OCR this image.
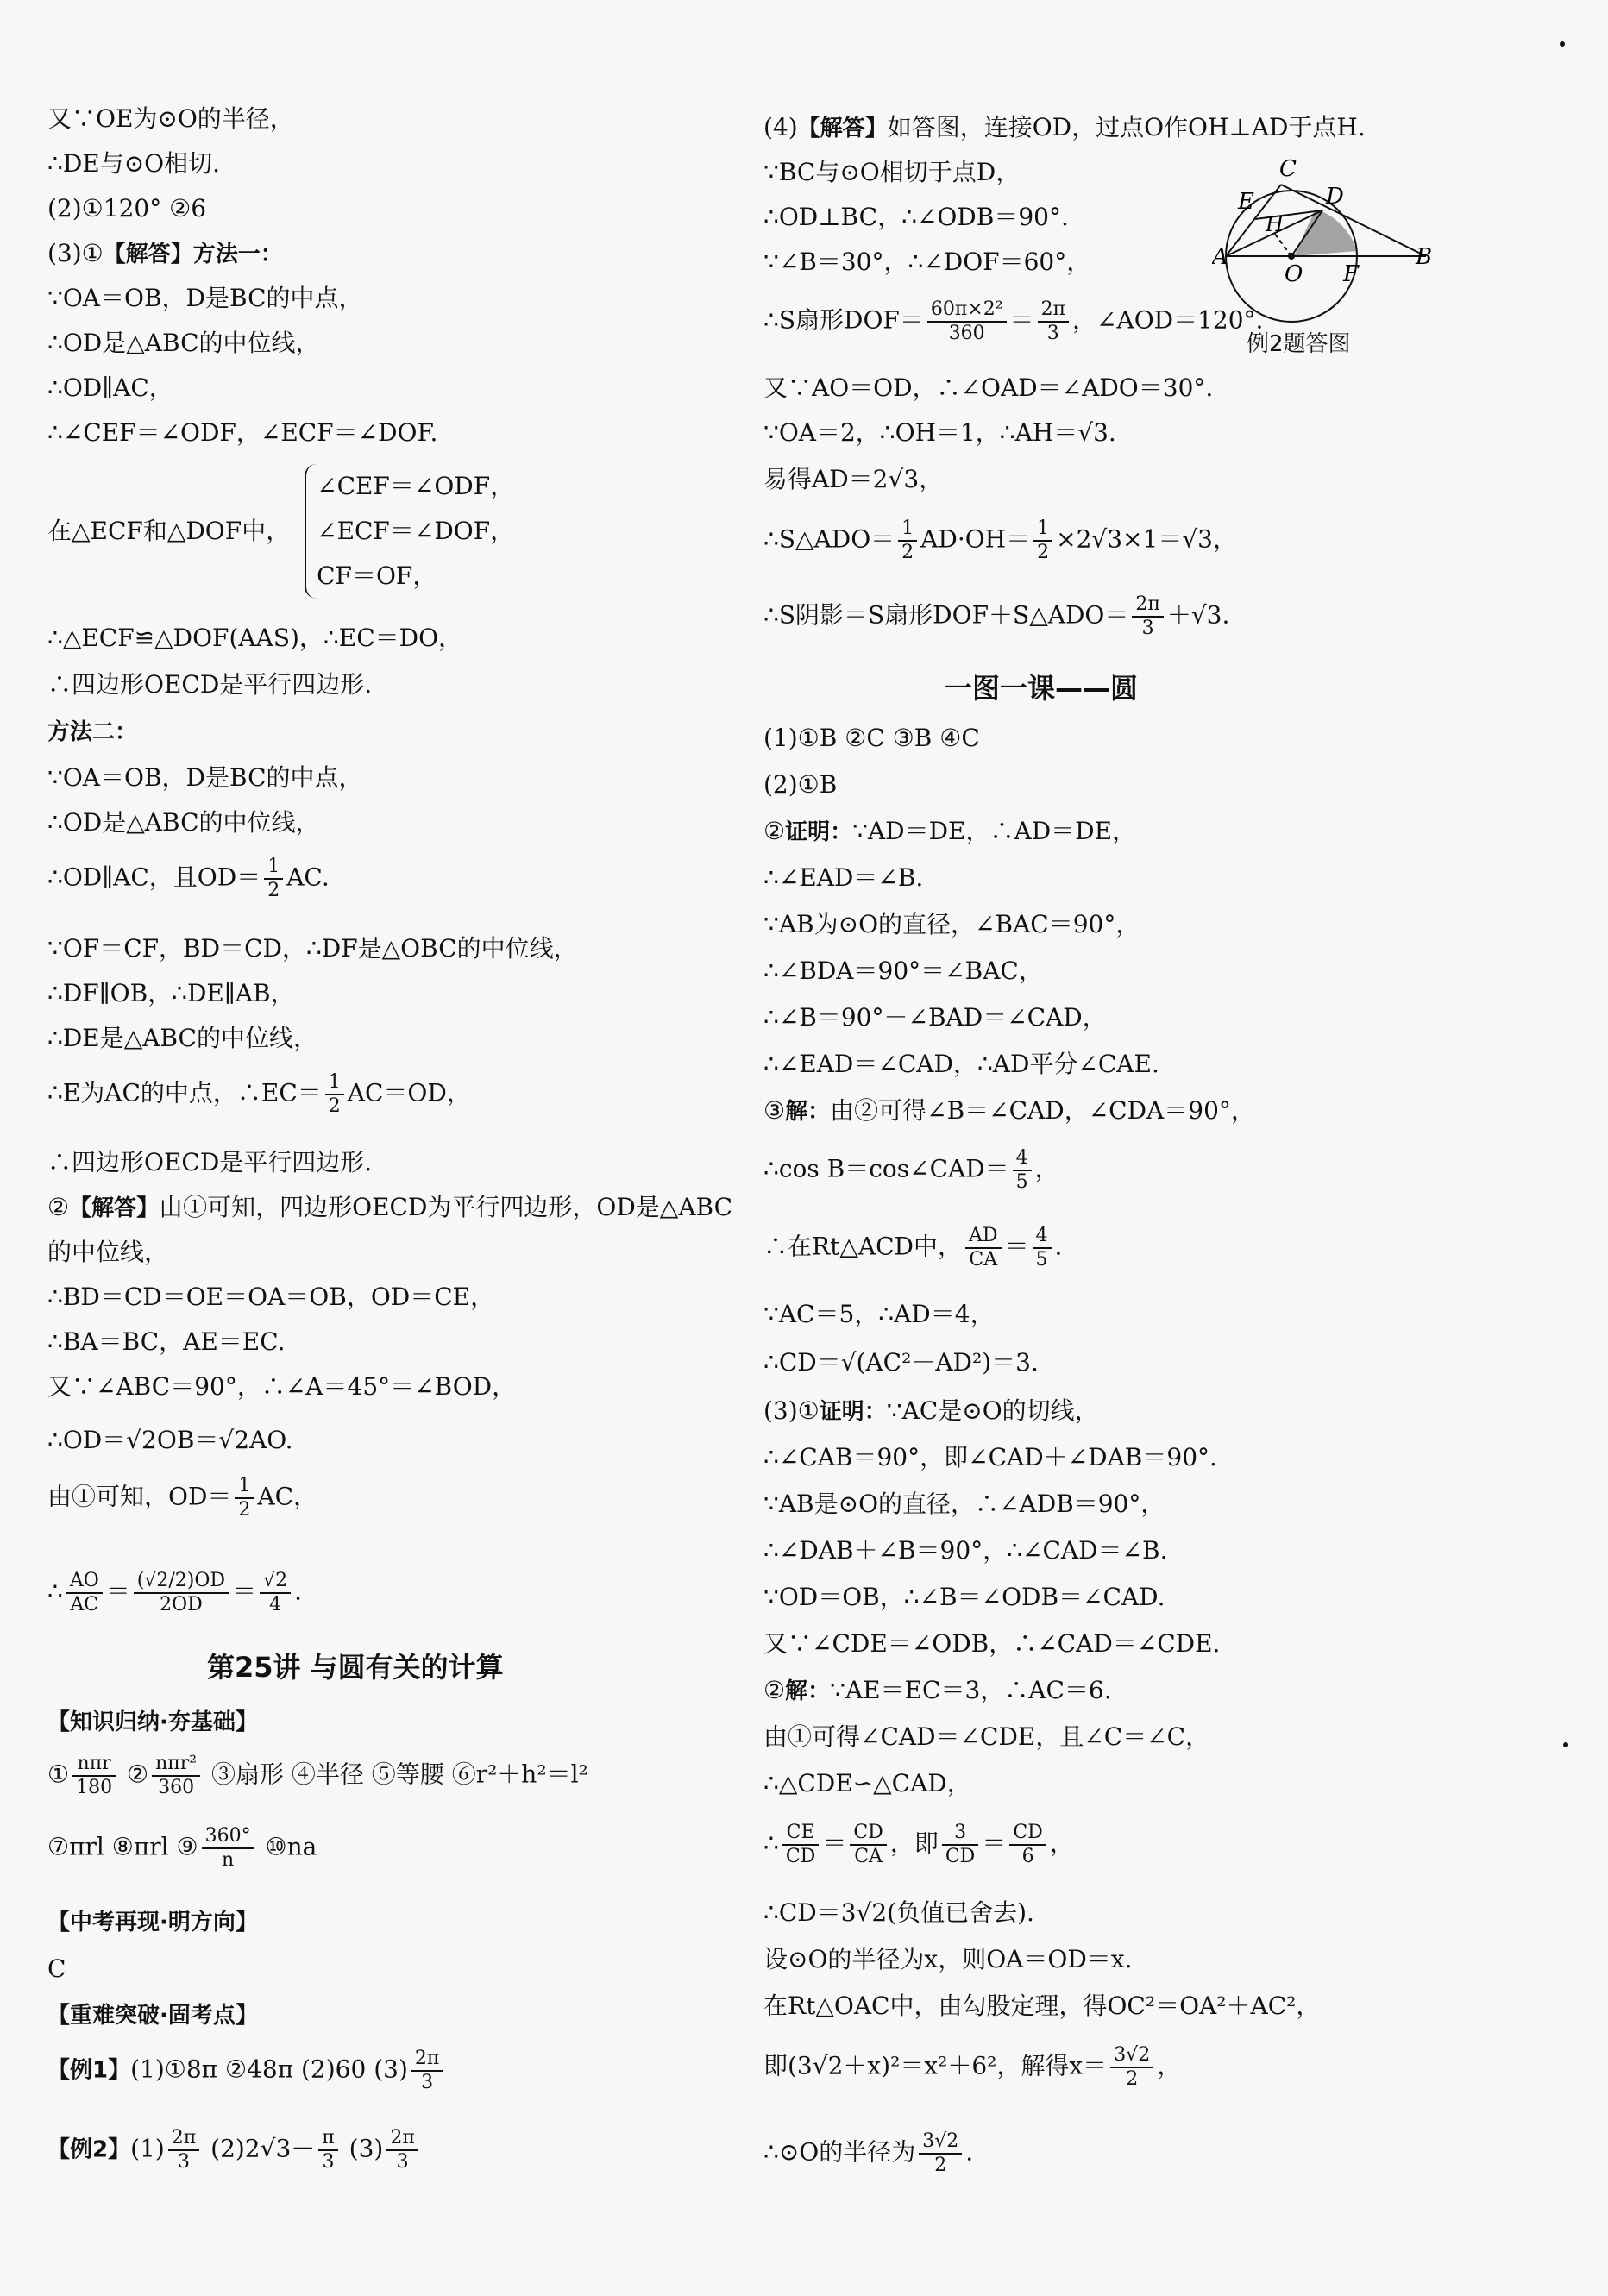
又∵OE为⊙O的半径，
∴DE与⊙O相切.
(2)①120° ②6
(3)①【解答】方法一：
∵OA＝OB，D是BC的中点，
∴OD是△ABC的中位线，
∴OD∥AC，
∴∠CEF＝∠ODF，∠ECF＝∠DOF.
在△ECF和△DOF中，
∠CEF＝∠ODF，
∠ECF＝∠DOF，
CF＝OF，
∴△ECF≌△DOF(AAS)，∴EC＝DO，
∴四边形OECD是平行四边形.
方法二：
∵OA＝OB，D是BC的中点，
∴OD是△ABC的中位线，
∴OD∥AC，且$OD= \frac{1}{2}$ AC.
∵OF＝CF，BD＝CD，∴DF是△OBC的中位线，
∴DF∥OB，∴DE∥AB，
∴DE是△ABC的中位线，
∴E为AC的中点，∴EC＝ $\frac{1}{2} AC=OD$，
∴四边形OECD是平行四边形.
②【解答】由①可知，四边形OECD为平行四边形，OD是△ABC
的中位线，
∴BD＝CD＝OE＝OA＝OB，OD＝CE，
∴BA＝BC，AE＝EC.
又∵∠ABC＝90°，∴∠A＝45°＝∠BOD，
∴OD＝√2OB＝√2AO.
由①可知，$OD= \frac{1}{2}$ AC，
∴ $\frac{AO}{AC} = \frac{(√2/2)OD}{2OD} = \frac{√2}{4}$ .
第25讲 与圆有关的计算
【知识归纳·夯基础】
① $\frac{\text{nπr}}{180}$ ② $\frac{\text{nπr²}}{360}$ ③扇形 ④半径 ⑤等腰 ⑥r²＋h²＝l²
⑦πrl ⑧πrl ⑨ $\frac{360^\circ}{n}$ ⑩na
【中考再现·明方向】
C
【重难突破·固考点】
【例1】(1)①8π ②48π (2)60 $(3) \frac{2\pi}{3}$
【例2】$(1) \frac{2\pi}{3} (2)2√3- \frac{\pi}{3} (3) \frac{2\pi}{3}$
(4)【解答】如答图，连接OD，过点O作OH⊥AD于点H.
∵BC与⊙O相切于点D，
∴OD⊥BC，∴∠ODB＝90°.
∵∠B＝30°，∴∠DOF＝60°，
∴S扇形$DOF= \frac{\text{60π×2²}}{360} = \frac{2\pi}{3}$ ，∠AOD＝120°.
又∵AO＝OD，∴∠OAD＝∠ADO＝30°.
∵OA＝2，∴OH＝1，∴AH＝√3.
易得AD＝2√3，
∴S△ADO＝ $\frac{1}{2} AD\cdot OH= \frac{1}{2} \times 2√3\times 1=√3$，
∴S阴影＝S扇形DOF＋S△ADO＝ $\frac{2\pi}{3} +√3$.
一图一课——圆
(1)①B ②C ③B ④C
(2)①B
②证明：∵AD＝DE，∴AD＝DE，
∴∠EAD＝∠B.
∵AB为⊙O的直径，∠BAC＝90°，
∴∠BDA＝90°＝∠BAC，
∴∠B＝90°－∠BAD＝∠CAD，
∴∠EAD＝∠CAD，∴AD平分∠CAE.
③解：由②可得∠B＝∠CAD，∠CDA＝90°，
∴cos B＝cos∠CAD＝ $\frac{4}{5}$ ，
∴在Rt△ACD中， $\frac{AD}{CA} = \frac{4}{5}$ .
∵AC＝5，∴AD＝4，
∴CD＝√(AC²－AD²)＝3.
(3)①证明：∵AC是⊙O的切线，
∴∠CAB＝90°，即∠CAD＋∠DAB＝90°.
∵AB是⊙O的直径，∴∠ADB＝90°，
∴∠DAB＋∠B＝90°，∴∠CAD＝∠B.
∵OD＝OB，∴∠B＝∠ODB＝∠CAD.
又∵∠CDE＝∠ODB，∴∠CAD＝∠CDE.
②解：∵AE＝EC＝3，∴AC＝6.
由①可得∠CAD＝∠CDE，且∠C＝∠C，
∴△CDE∽△CAD，
∴ $\frac{CE}{CD} = \frac{CD}{CA}$ ，即 $\frac{3}{CD} = \frac{CD}{6}$ ，
∴CD＝3√2(负值已舍去).
设⊙O的半径为x，则OA＝OD＝x.
在Rt△OAC中，由勾股定理，得OC²＝OA²＋AC²，
即(3√2＋x)²＝x²＋6²，解得$x= \frac{3√2}{2}$ ，
∴⊙O的半径为 $\frac{3√2}{2}$ .
C
E	D
H
A
O F
B
例2题答图
